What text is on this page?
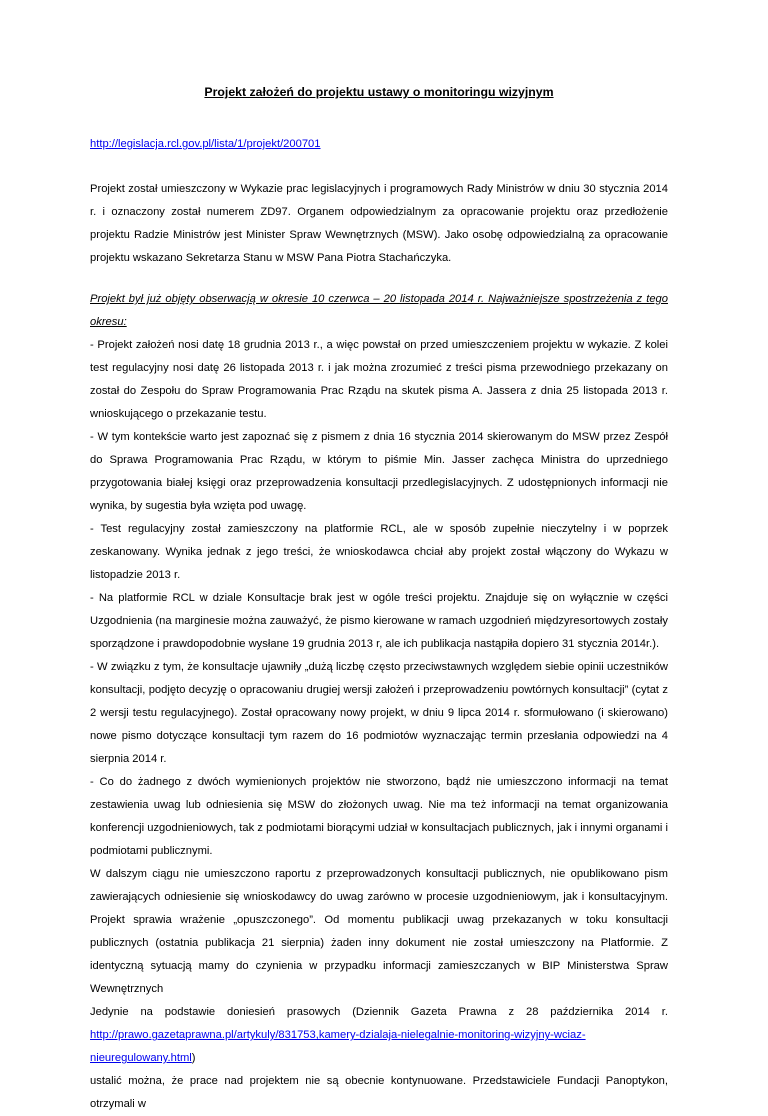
Projekt założeń do projektu ustawy o monitoringu wizyjnym
http://legislacja.rcl.gov.pl/lista/1/projekt/200701

Projekt został umieszczony w Wykazie prac legislacyjnych i programowych Rady Ministrów w dniu 30 stycznia 2014 r. i oznaczony został numerem ZD97. Organem odpowiedzialnym za opracowanie projektu oraz przedłożenie projektu Radzie Ministrów jest Minister Spraw Wewnętrznych (MSW). Jako osobę odpowiedzialną za opracowanie projektu wskazano Sekretarza Stanu w MSW Pana Piotra Stachańczyka.

Projekt był już objęty obserwacją w okresie 10 czerwca – 20 listopada 2014 r. Najważniejsze spostrzeżenia z tego okresu:

- Projekt założeń nosi datę 18 grudnia 2013 r., a więc powstał on przed umieszczeniem projektu w wykazie. Z kolei test regulacyjny nosi datę 26 listopada 2013 r. i jak można zrozumieć z treści pisma przewodniego przekazany on został do Zespołu do Spraw Programowania Prac Rządu na skutek pisma A. Jassera z dnia 25 listopada 2013 r. wnioskującego o przekazanie testu.

- W tym kontekście warto jest zapoznać się z pismem z dnia 16 stycznia 2014 skierowanym do MSW przez Zespół do Sprawa Programowania Prac Rządu, w którym to piśmie Min. Jasser zachęca Ministra do uprzedniego przygotowania białej księgi oraz przeprowadzenia konsultacji przedlegislacyjnych. Z udostępnionych informacji nie wynika, by sugestia była wzięta pod uwagę.

- Test regulacyjny został zamieszczony na platformie RCL, ale w sposób zupełnie nieczytelny i w poprzek zeskanowany. Wynika jednak z jego treści, że wnioskodawca chciał aby projekt został włączony do Wykazu w listopadzie 2013 r.

- Na platformie RCL w dziale Konsultacje brak jest w ogóle treści projektu. Znajduje się on wyłącznie w części Uzgodnienia (na marginesie można zauważyć, że pismo kierowane w ramach uzgodnień międzyresortowych zostały sporządzone i prawdopodobnie wysłane 19 grudnia 2013 r, ale ich publikacja nastąpiła dopiero 31 stycznia 2014r.).

- W związku z tym, że konsultacje ujawniły „dużą liczbę często przeciwstawnych względem siebie opinii uczestników konsultacji, podjęto decyzję o opracowaniu drugiej wersji założeń i przeprowadzeniu powtórnych konsultacji” (cytat z 2 wersji testu regulacyjnego). Został opracowany nowy projekt, w dniu 9 lipca 2014 r. sformułowano (i skierowano) nowe pismo dotyczące konsultacji tym razem do 16 podmiotów wyznaczając termin przesłania odpowiedzi na 4 sierpnia 2014 r.

- Co do żadnego z dwóch wymienionych projektów nie stworzono, bądź nie umieszczono informacji na temat zestawienia uwag lub odniesienia się MSW do złożonych uwag. Nie ma też informacji na temat organizowania konferencji uzgodnieniowych, tak z podmiotami biorącymi udział w konsultacjach publicznych, jak i innymi organami i podmiotami publicznymi.

W dalszym ciągu nie umieszczono raportu z przeprowadzonych konsultacji publicznych, nie opublikowano pism zawierających odniesienie się wnioskodawcy do uwag zarówno w procesie uzgodnieniowym, jak i konsultacyjnym. Projekt sprawia wrażenie „opuszczonego”. Od momentu publikacji uwag przekazanych w toku konsultacji publicznych (ostatnia publikacja 21 sierpnia) żaden inny dokument nie został umieszczony na Platformie. Z identyczną sytuacją mamy do czynienia w przypadku informacji zamieszczanych w BIP Ministerstwa Spraw Wewnętrznych

Jedynie na podstawie doniesień prasowych (Dziennik Gazeta Prawna z 28 października 2014 r.

http://prawo.gazetaprawna.pl/artykuly/831753,kamery-dzialaja-nielegalnie-monitoring-wizyjny-wciaz-nieuregulowany.html)

ustalić można, że prace nad projektem nie są obecnie kontynuowane. Przedstawiciele Fundacji Panoptykon, otrzymali w
